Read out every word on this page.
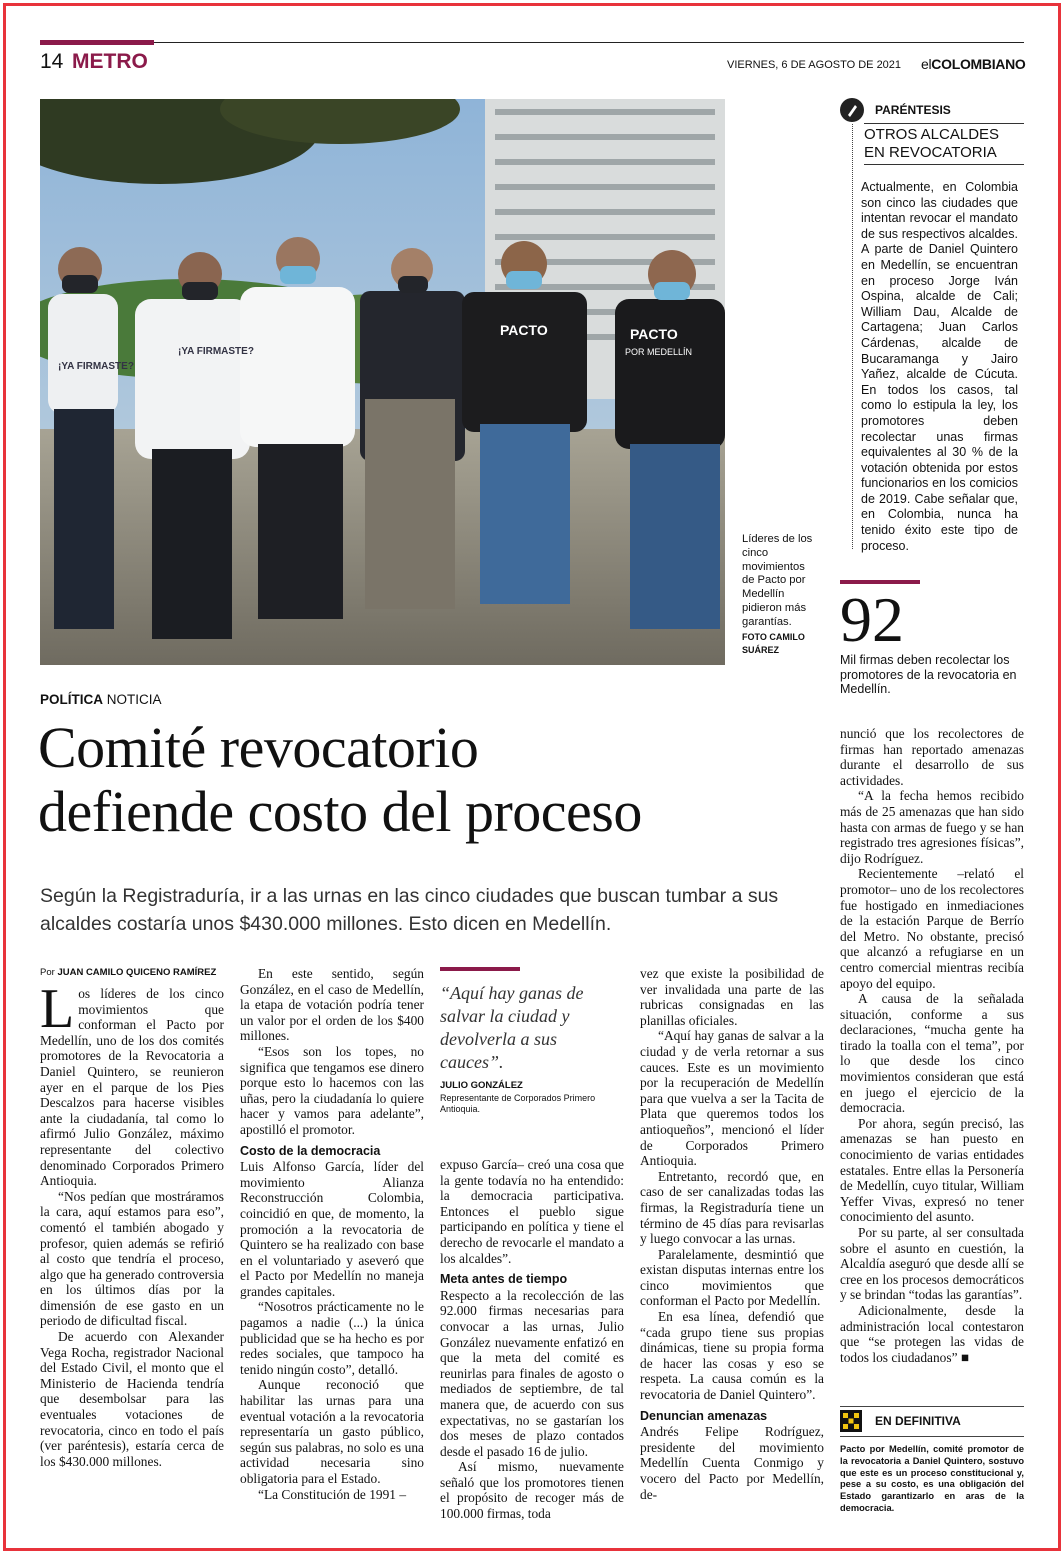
14 METRO	VIERNES, 6 DE AGOSTO DE 2021 elCOLOMBIANO
¡YA FIRMASTE?
¡YA FIRMASTE?
PACTO	PACTO
POR MEDELLÍN
Líderes de los cinco movimientos de Pacto por Medellín pidieron más garantías.
FOTO CAMILO SUÁREZ
PARÉNTESIS
OTROS ALCALDES
EN REVOCATORIA
Actualmente, en Colombia son cinco las ciudades que intentan revocar el mandato de sus respectivos alcaldes. A parte de Daniel Quintero en Medellín, se encuentran en proceso Jorge Iván Ospina, alcalde de Cali; William Dau, Alcalde de Cartagena; Juan Carlos Cárdenas, alcalde de Bucaramanga y Jairo Yañez, alcalde de Cúcuta. En todos los casos, tal como lo estipula la ley, los promotores deben recolectar unas firmas equivalentes al 30 % de la votación obtenida por estos funcionarios en los comicios de 2019. Cabe señalar que, en Colombia, nunca ha tenido éxito este tipo de proceso.
92
Mil firmas deben recolectar los promotores de la revocatoria en Medellín.
POLÍTICA NOTICIA
Comité revocatorio
defiende costo del proceso
Según la Registraduría, ir a las urnas en las cinco ciudades que buscan tumbar a sus alcaldes costaría unos $430.000 millones. Esto dicen en Medellín.
Por JUAN CAMILO QUICENO RAMÍREZ

Los líderes de los cinco movimientos que conforman el Pacto por Medellín, uno de los dos comités promotores de la Revocatoria a Daniel Quintero, se reunieron ayer en el parque de los Pies Descalzos para hacerse visibles ante la ciudadanía, tal como lo afirmó Julio González, máximo representante del colectivo denominado Corporados Primero Antioquia.

“Nos pedían que mostráramos la cara, aquí estamos para eso”, comentó el también abogado y profesor, quien además se refirió al costo que tendría el proceso, algo que ha generado controversia en los últimos días por la dimensión de ese gasto en un periodo de dificultad fiscal.

De acuerdo con Alexander Vega Rocha, registrador Nacional del Estado Civil, el monto que el Ministerio de Hacienda tendría que desembolsar para las eventuales votaciones de revocatoria, cinco en todo el país (ver paréntesis), estaría cerca de los $430.000 millones.

En este sentido, según González, en el caso de Medellín, la etapa de votación podría tener un valor por el orden de los $400 millones.

“Esos son los topes, no significa que tengamos ese dinero porque esto lo hacemos con las uñas, pero la ciudadanía lo quiere hacer y vamos para adelante”, apostilló el promotor.

Costo de la democracia

Luis Alfonso García, líder del movimiento Alianza Reconstrucción Colombia, coincidió en que, de momento, la promoción a la revocatoria de Quintero se ha realizado con base en el voluntariado y aseveró que el Pacto por Medellín no maneja grandes capitales.

“Nosotros prácticamente no le pagamos a nadie (...) la única publicidad que se ha hecho es por redes sociales, que tampoco ha tenido ningún costo”, detalló.

Aunque reconoció que habilitar las urnas para una eventual votación a la revocatoria representaría un gasto público, según sus palabras, no solo es una actividad necesaria sino obligatoria para el Estado.

“La Constitución de 1991 –

“Aquí hay ganas de salvar la ciudad y devolverla a sus cauces”.
JULIO GONZÁLEZ
Representante de Corporados Primero Antioquia.

expuso García– creó una cosa que la gente todavía no ha entendido: la democracia participativa. Entonces el pueblo sigue participando en política y tiene el derecho de revocarle el mandato a los alcaldes”.

Meta antes de tiempo

Respecto a la recolección de las 92.000 firmas necesarias para convocar a las urnas, Julio González nuevamente enfatizó en que la meta del comité es reunirlas para finales de agosto o mediados de septiembre, de tal manera que, de acuerdo con sus expectativas, no se gastarían los dos meses de plazo contados desde el pasado 16 de julio.

Así mismo, nuevamente señaló que los promotores tienen el propósito de recoger más de 100.000 firmas, toda

vez que existe la posibilidad de ver invalidada una parte de las rubricas consignadas en las planillas oficiales.

“Aquí hay ganas de salvar a la ciudad y de verla retornar a sus cauces. Este es un movimiento por la recuperación de Medellín para que vuelva a ser la Tacita de Plata que queremos todos los antioqueños”, mencionó el líder de Corporados Primero Antioquia.

Entretanto, recordó que, en caso de ser canalizadas todas las firmas, la Registraduría tiene un término de 45 días para revisarlas y luego convocar a las urnas.

Paralelamente, desmintió que existan disputas internas entre los cinco movimientos que conforman el Pacto por Medellín.

En esa línea, defendió que “cada grupo tiene sus propias dinámicas, tiene su propia forma de hacer las cosas y eso se respeta. La causa común es la revocatoria de Daniel Quintero”.

Denuncian amenazas

Andrés Felipe Rodríguez, presidente del movimiento Medellín Cuenta Conmigo y vocero del Pacto por Medellín, de-

nunció que los recolectores de firmas han reportado amenazas durante el desarrollo de sus actividades.

“A la fecha hemos recibido más de 25 amenazas que han sido hasta con armas de fuego y se han registrado tres agresiones físicas”, dijo Rodríguez.

Recientemente –relató el promotor– uno de los recolectores fue hostigado en inmediaciones de la estación Parque de Berrío del Metro. No obstante, precisó que alcanzó a refugiarse en un centro comercial mientras recibía apoyo del equipo.

A causa de la señalada situación, conforme a sus declaraciones, “mucha gente ha tirado la toalla con el tema”, por lo que desde los cinco movimientos consideran que está en juego el ejercicio de la democracia.

Por ahora, según precisó, las amenazas se han puesto en conocimiento de varias entidades estatales. Entre ellas la Personería de Medellín, cuyo titular, William Yeffer Vivas, expresó no tener conocimiento del asunto.

Por su parte, al ser consultada sobre el asunto en cuestión, la Alcaldía aseguró que desde allí se cree en los procesos democráticos y se brindan “todas las garantías”.

Adicionalmente, desde la administración local contestaron que “se protegen las vidas de todos los ciudadanos” ■

EN DEFINITIVA
Pacto por Medellín, comité promotor de la revocatoria a Daniel Quintero, sostuvo que este es un proceso constitucional y, pese a su costo, es una obligación del Estado garantizarlo en aras de la democracia.
